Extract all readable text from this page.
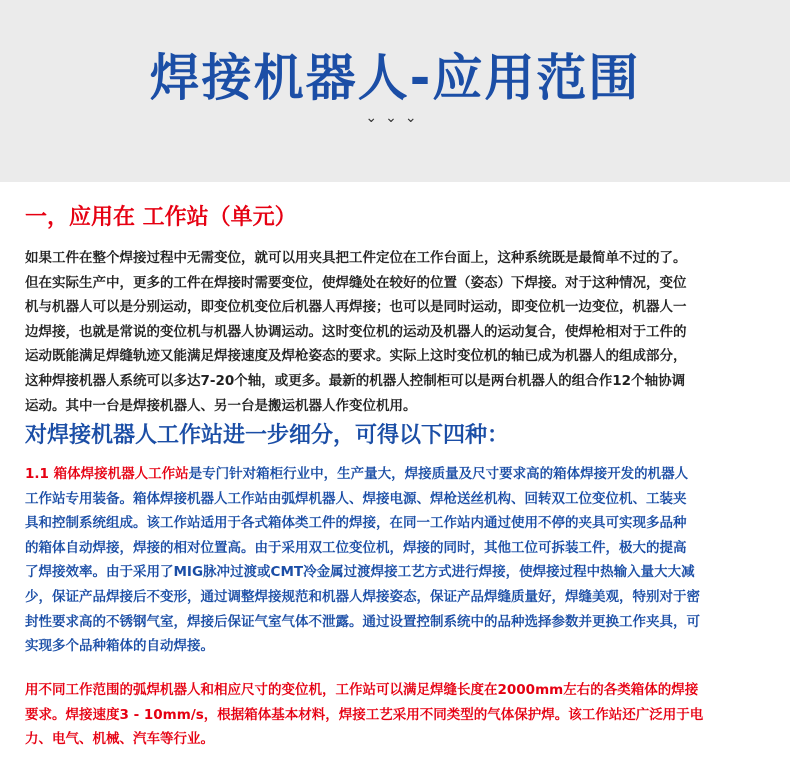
焊接机器人-应用范围
⌄⌄⌄
一，应用在 工作站（单元）
如果工件在整个焊接过程中无需变位，就可以用夹具把工件定位在工作台面上，这种系统既是最简单不过的了。
但在实际生产中，更多的工件在焊接时需要变位，使焊缝处在较好的位置（姿态）下焊接。对于这种情况，变位
机与机器人可以是分别运动，即变位机变位后机器人再焊接；也可以是同时运动，即变位机一边变位，机器人一
边焊接，也就是常说的变位机与机器人协调运动。这时变位机的运动及机器人的运动复合，使焊枪相对于工件的
运动既能满足焊缝轨迹又能满足焊接速度及焊枪姿态的要求。实际上这时变位机的轴已成为机器人的组成部分，
这种焊接机器人系统可以多达7-20个轴，或更多。最新的机器人控制柜可以是两台机器人的组合作12个轴协调
运动。其中一台是焊接机器人、另一台是搬运机器人作变位机用。
对焊接机器人工作站进一步细分，可得以下四种：
1.1 箱体焊接机器人工作站是专门针对箱柜行业中，生产量大，焊接质量及尺寸要求高的箱体焊接开发的机器人
工作站专用装备。箱体焊接机器人工作站由弧焊机器人、焊接电源、焊枪送丝机构、回转双工位变位机、工装夹
具和控制系统组成。该工作站适用于各式箱体类工件的焊接，在同一工作站内通过使用不停的夹具可实现多品种
的箱体自动焊接，焊接的相对位置高。由于采用双工位变位机，焊接的同时，其他工位可拆装工件，极大的提高
了焊接效率。由于采用了MIG脉冲过渡或CMT冷金属过渡焊接工艺方式进行焊接，使焊接过程中热输入量大大减
少，保证产品焊接后不变形，通过调整焊接规范和机器人焊接姿态，保证产品焊缝质量好，焊缝美观，特别对于密
封性要求高的不锈钢气室，焊接后保证气室气体不泄露。通过设置控制系统中的品种选择参数并更换工作夹具，可
实现多个品种箱体的自动焊接。
用不同工作范围的弧焊机器人和相应尺寸的变位机，工作站可以满足焊缝长度在2000mm左右的各类箱体的焊接
要求。焊接速度3 - 10mm/s，根据箱体基本材料，焊接工艺采用不同类型的气体保护焊。该工作站还广泛用于电
力、电气、机械、汽车等行业。
